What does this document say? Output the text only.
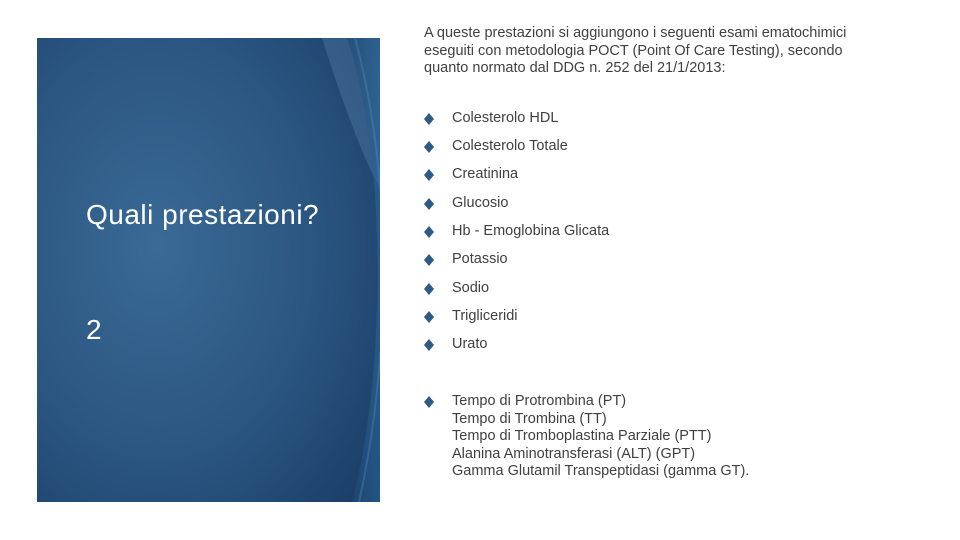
Quali prestazioni?
2
A queste prestazioni si aggiungono i seguenti esami ematochimici eseguiti con metodologia POCT (Point Of Care Testing), secondo quanto normato dal DDG n. 252 del 21/1/2013:
Colesterolo HDL
Colesterolo Totale
Creatinina
Glucosio
Hb - Emoglobina Glicata
Potassio
Sodio
Trigliceridi
Urato
Tempo di Protrombina (PT)
Tempo di Trombina (TT)
Tempo di Tromboplastina Parziale (PTT)
Alanina Aminotransferasi (ALT) (GPT)
Gamma Glutamil Transpeptidasi (gamma GT).
